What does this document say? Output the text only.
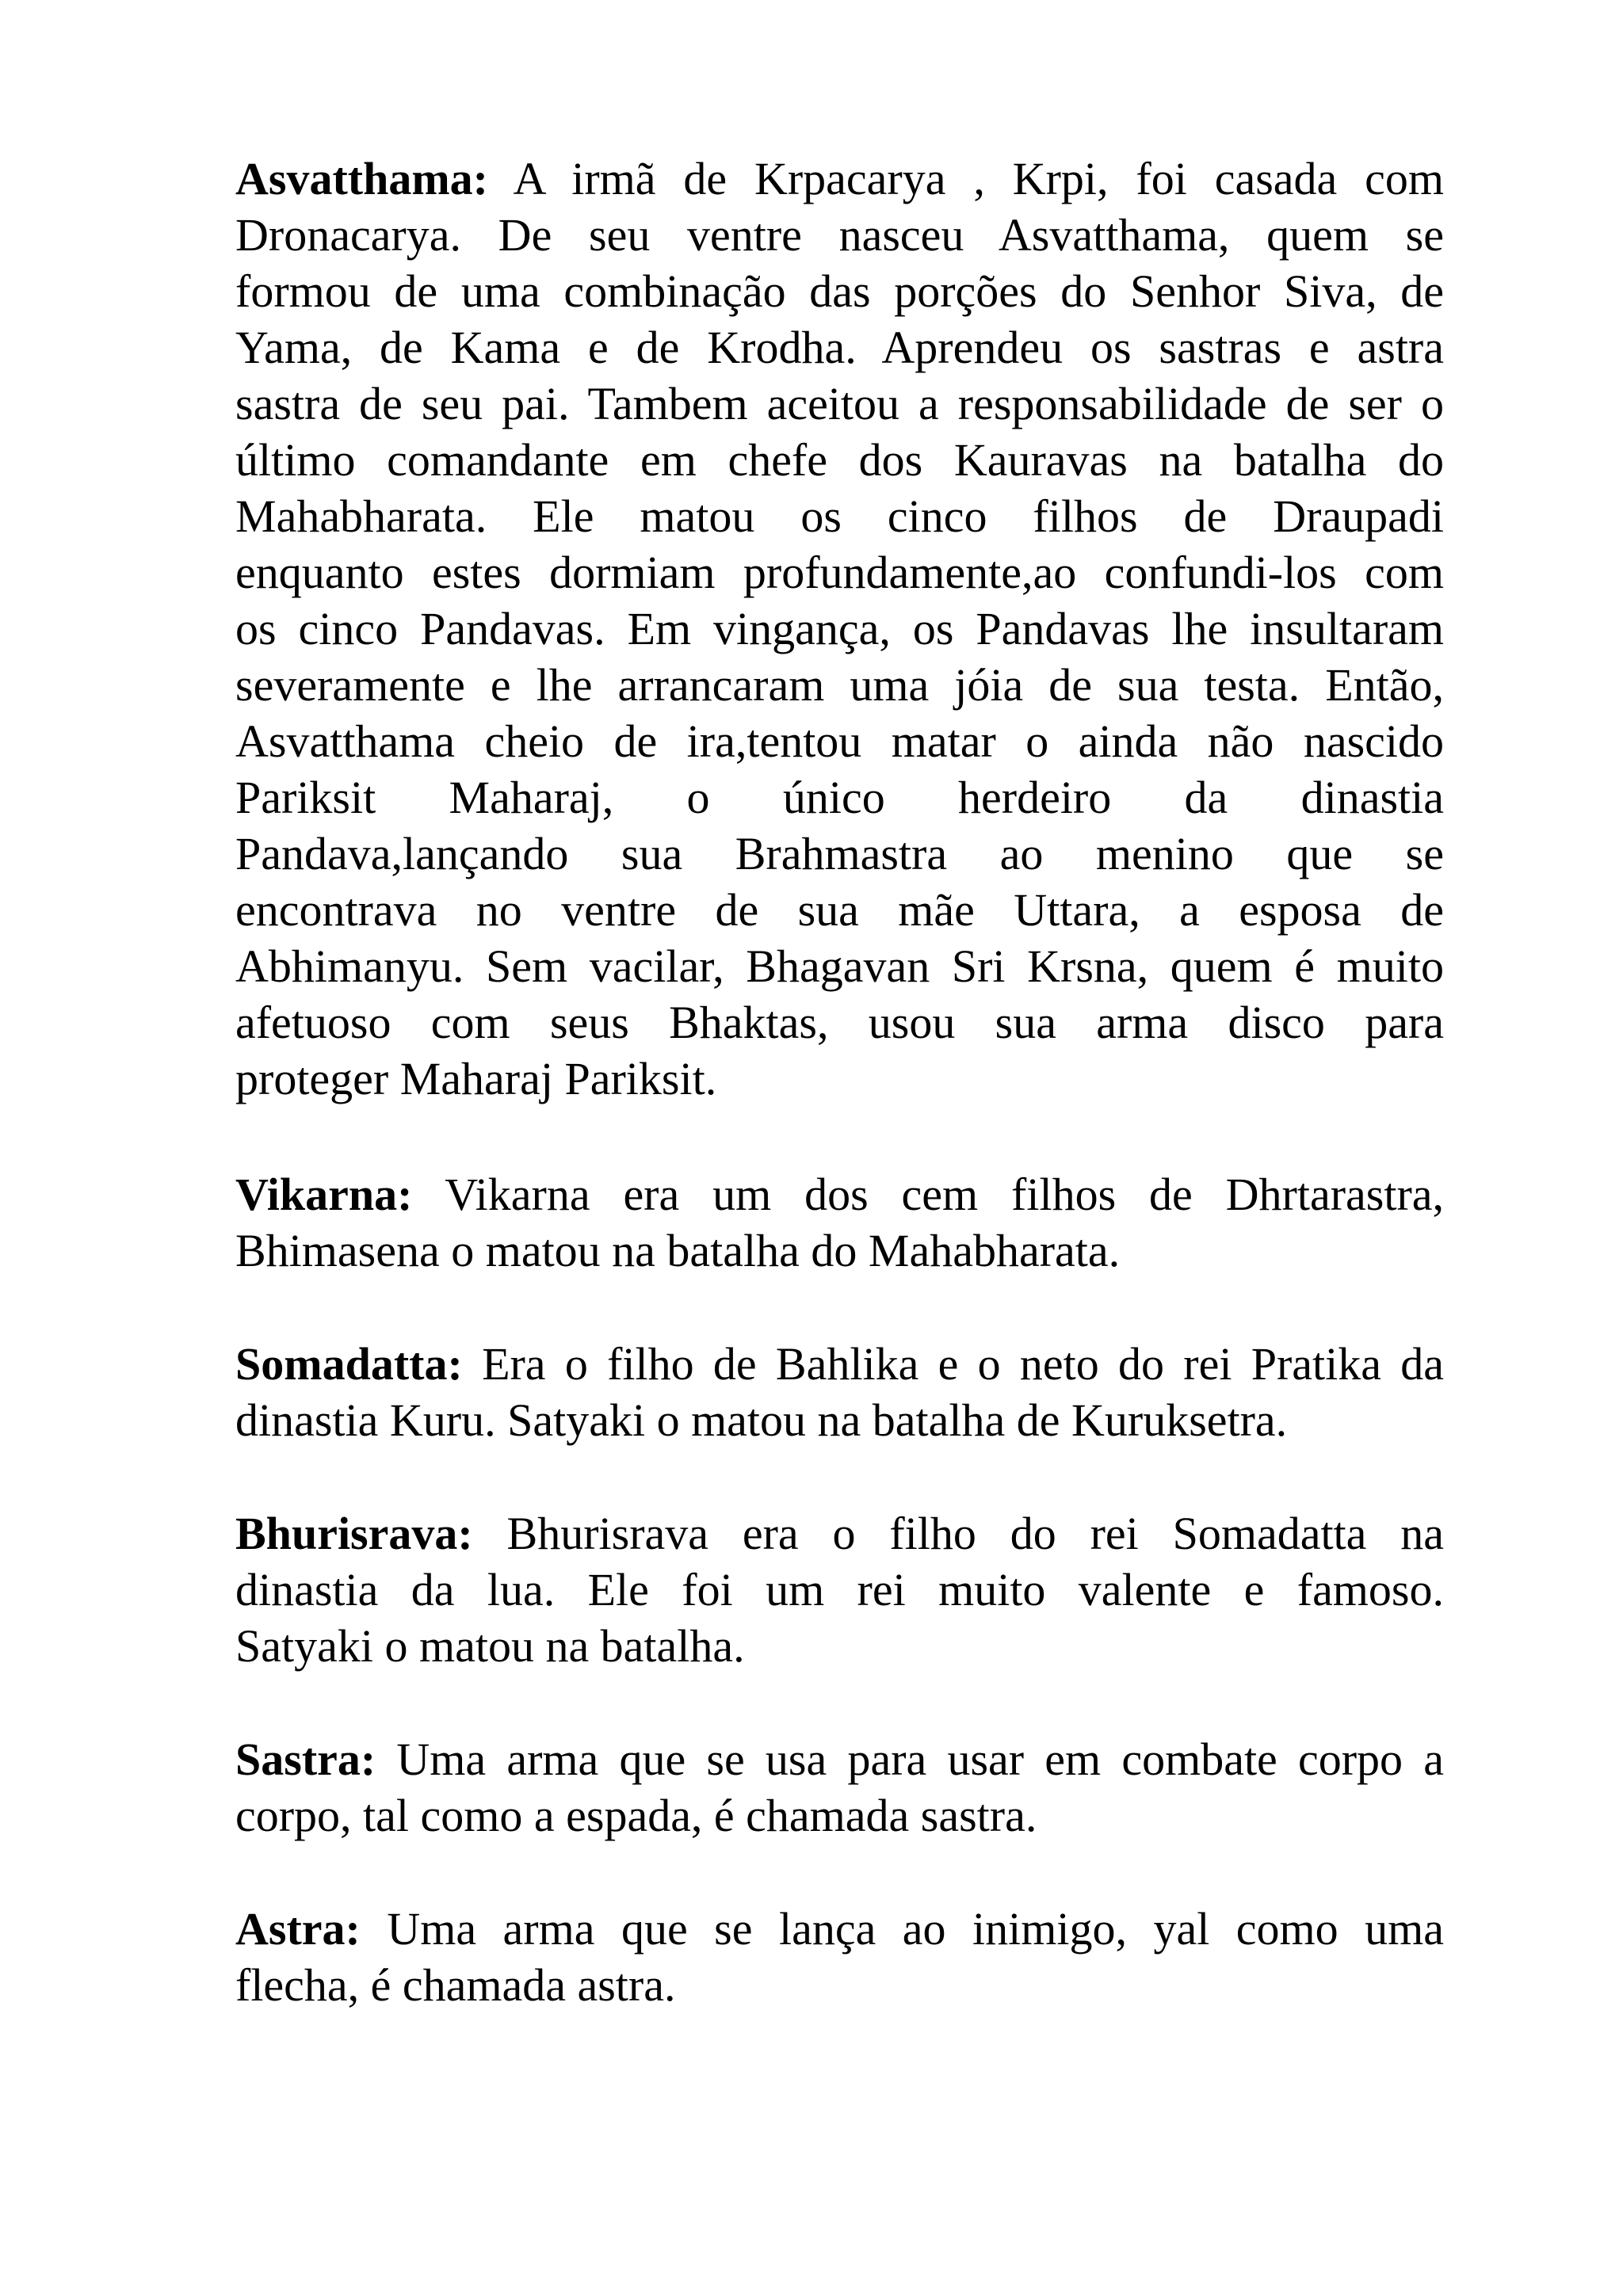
Asvatthama: A irmã de Krpacarya , Krpi, foi casada com
Dronacarya. De seu ventre nasceu Asvatthama, quem se
formou de uma combinação das porções do Senhor Siva, de
Yama, de Kama e de Krodha. Aprendeu os sastras e astra
sastra de seu pai. Tambem aceitou a responsabilidade de ser o
último comandante em chefe dos Kauravas na batalha do
Mahabharata. Ele matou os cinco filhos de Draupadi
enquanto estes dormiam profundamente,ao confundi-los com
os cinco Pandavas. Em vingança, os Pandavas lhe insultaram
severamente e lhe arrancaram uma jóia de sua testa. Então,
Asvatthama cheio de ira,tentou matar o ainda não nascido
Pariksit Maharaj, o único herdeiro da dinastia
Pandava,lançando sua Brahmastra ao menino que se
encontrava no ventre de sua mãe Uttara, a esposa de
Abhimanyu. Sem vacilar, Bhagavan Sri Krsna, quem é muito
afetuoso com seus Bhaktas, usou sua arma disco para
proteger Maharaj Pariksit.
Vikarna: Vikarna era um dos cem filhos de Dhrtarastra,
Bhimasena o matou na batalha do Mahabharata.
Somadatta: Era o filho de Bahlika e o neto do rei Pratika da
dinastia Kuru. Satyaki o matou na batalha de Kuruksetra.
Bhurisrava: Bhurisrava era o filho do rei Somadatta na
dinastia da lua. Ele foi um rei muito valente e famoso.
Satyaki o matou na batalha.
Sastra: Uma arma que se usa para usar em combate corpo a
corpo, tal como a espada, é chamada sastra.
Astra: Uma arma que se lança ao inimigo, yal como uma
flecha, é chamada astra.
